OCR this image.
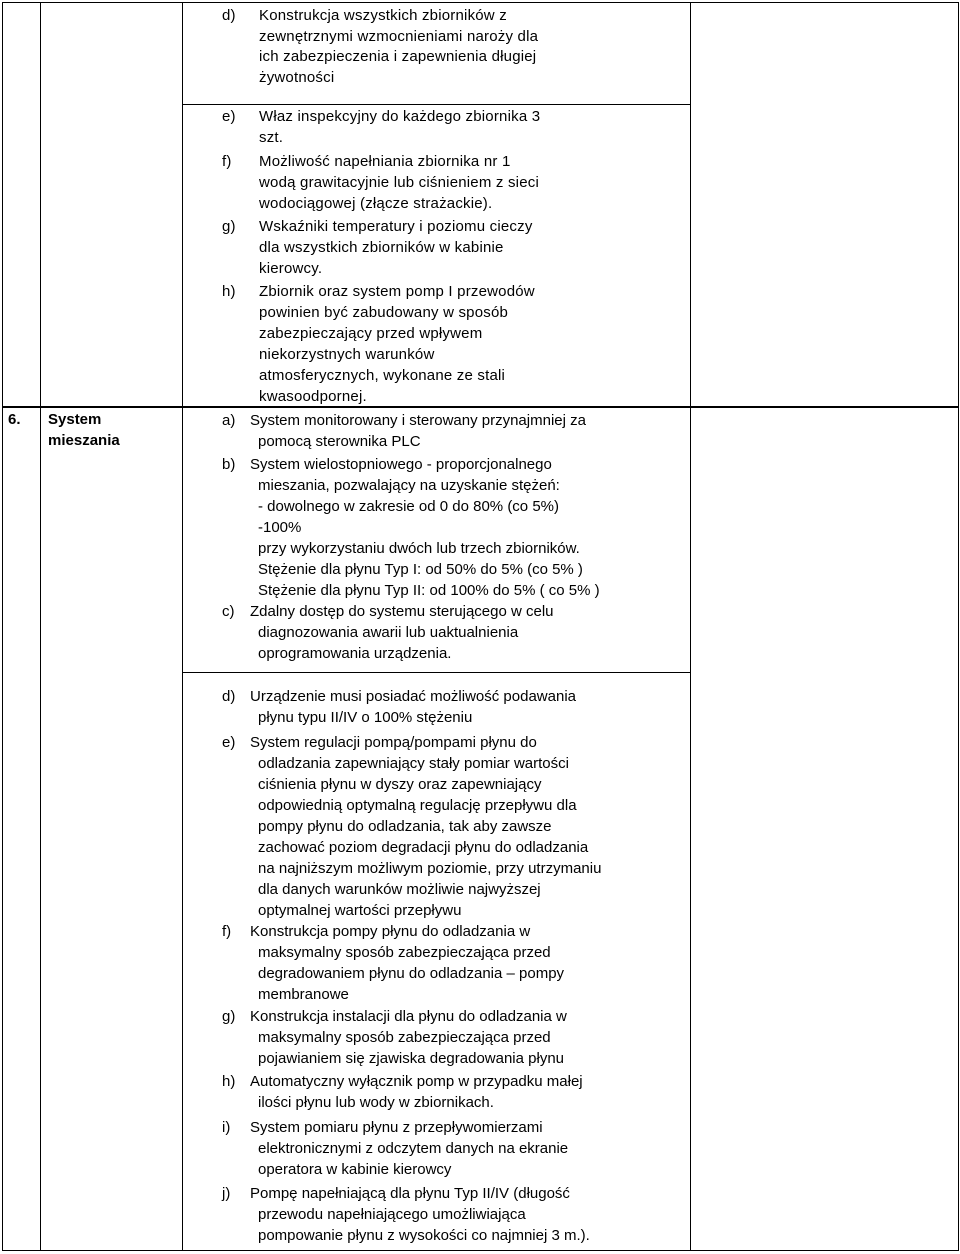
6. System
mieszania
d) Konstrukcja wszystkich zbiorników z
zewnętrznymi wzmocnieniami naroży dla
ich zabezpieczenia i zapewnienia długiej
żywotności
e) Właz inspekcyjny do każdego zbiornika 3
szt.
f) Możliwość napełniania zbiornika nr 1
wodą grawitacyjnie lub ciśnieniem z sieci
wodociągowej (złącze strażackie).
g) Wskaźniki temperatury i poziomu cieczy
dla wszystkich zbiorników w kabinie
kierowcy.
h) Zbiornik oraz system pomp I przewodów
powinien być zabudowany w sposób
zabezpieczający przed wpływem
niekorzystnych warunków
atmosferycznych, wykonane ze stali
kwasoodpornej.
a) System monitorowany i sterowany przynajmniej za
pomocą sterownika PLC
b) System wielostopniowego - proporcjonalnego
mieszania, pozwalający na uzyskanie stężeń:
- dowolnego w zakresie od 0 do 80% (co 5%)
-100%
przy wykorzystaniu dwóch lub trzech zbiorników.
Stężenie dla płynu Typ I: od 50% do 5% (co 5% )
Stężenie dla płynu Typ II: od 100% do 5% ( co 5% )
c) Zdalny dostęp do systemu sterującego w celu
diagnozowania awarii lub uaktualnienia
oprogramowania urządzenia.
d) Urządzenie musi posiadać możliwość podawania
płynu typu II/IV o 100% stężeniu
e) System regulacji pompą/pompami płynu do
odladzania zapewniający stały pomiar wartości
ciśnienia płynu w dyszy oraz zapewniający
odpowiednią optymalną regulację przepływu dla
pompy płynu do odladzania, tak aby zawsze
zachować poziom degradacji płynu do odladzania
na najniższym możliwym poziomie, przy utrzymaniu
dla danych warunków możliwie najwyższej
optymalnej wartości przepływu
f) Konstrukcja pompy płynu do odladzania w
maksymalny sposób zabezpieczająca przed
degradowaniem płynu do odladzania – pompy
membranowe
g) Konstrukcja instalacji dla płynu do odladzania w
maksymalny sposób zabezpieczająca przed
pojawianiem się zjawiska degradowania płynu
h) Automatyczny wyłącznik pomp w przypadku małej
ilości płynu lub wody w zbiornikach.
i) System pomiaru płynu z przepływomierzami
elektronicznymi z odczytem danych na ekranie
operatora w kabinie kierowcy
j) Pompę napełniającą dla płynu Typ II/IV (długość
przewodu napełniającego umożliwiająca
pompowanie płynu z wysokości co najmniej 3 m.).
